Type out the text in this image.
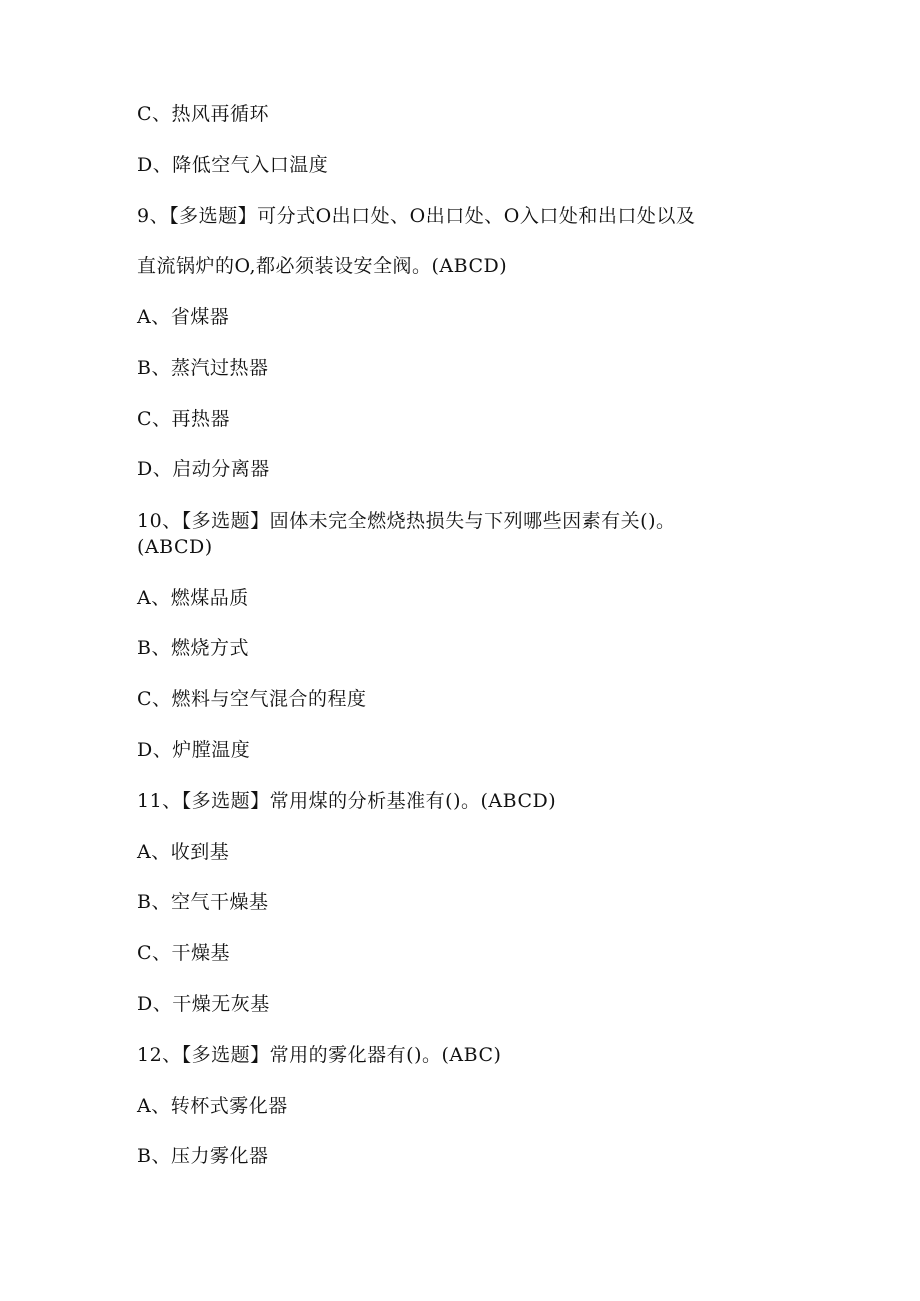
C、热风再循环
D、降低空气入口温度
9、【多选题】可分式O出口处、O出口处、O入口处和出口处以及
直流锅炉的O,都必须装设安全阀。(ABCD)
A、省煤器
B、蒸汽过热器
C、再热器
D、启动分离器
10、【多选题】固体未完全燃烧热损失与下列哪些因素有关()。
(ABCD)
A、燃煤品质
B、燃烧方式
C、燃料与空气混合的程度
D、炉膛温度
11、【多选题】常用煤的分析基准有()。(ABCD)
A、收到基
B、空气干燥基
C、干燥基
D、干燥无灰基
12、【多选题】常用的雾化器有()。(ABC)
A、转杯式雾化器
B、压力雾化器
